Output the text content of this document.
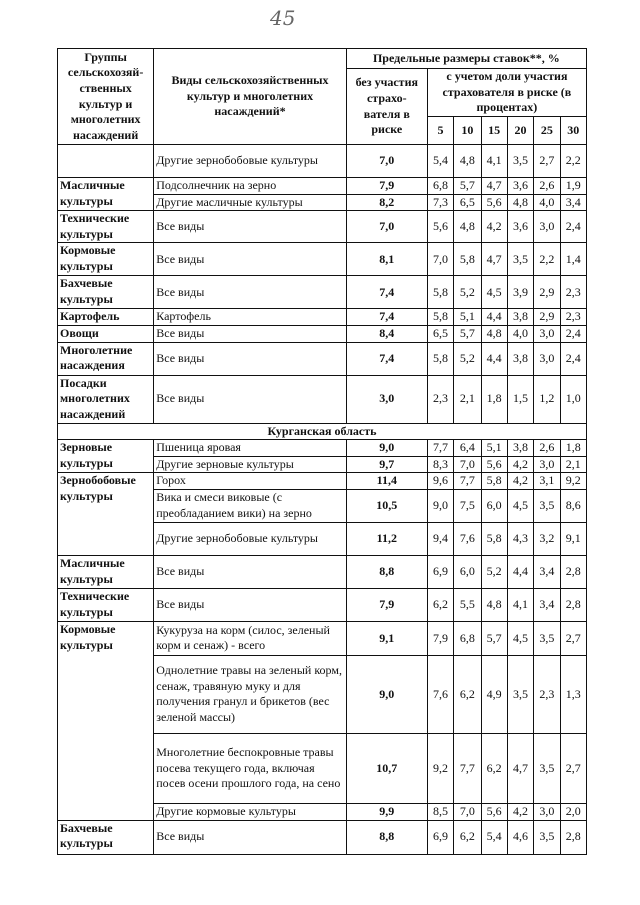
45
Группы сельскохозяй-ственных культур и многолетних насаждений	Виды сельскохозяйственных культур и многолетних насаждений*	Предельные размеры ставок**, %						
		без участия страхо-вателя в риске	с учетом доли участия страхователя в риске (в процентах)					
			5	10	15	20	25	30
	Другие зернобобовые культуры	7,0	5,4	4,8	4,1	3,5	2,7	2,2
Масличные культуры	Подсолнечник на зерно	7,9	6,8	5,7	4,7	3,6	2,6	1,9
	Другие масличные культуры	8,2	7,3	6,5	5,6	4,8	4,0	3,4
Технические культуры	Все виды	7,0	5,6	4,8	4,2	3,6	3,0	2,4
Кормовые культуры	Все виды	8,1	7,0	5,8	4,7	3,5	2,2	1,4
Бахчевые культуры	Все виды	7,4	5,8	5,2	4,5	3,9	2,9	2,3
Картофель	Картофель	7,4	5,8	5,1	4,4	3,8	2,9	2,3
Овощи	Все виды	8,4	6,5	5,7	4,8	4,0	3,0	2,4
Многолетние насаждения	Все виды	7,4	5,8	5,2	4,4	3,8	3,0	2,4
Посадки многолетних насаждений	Все виды	3,0	2,3	2,1	1,8	1,5	1,2	1,0
Курганская область								
Зерновые культуры	Пшеница яровая	9,0	7,7	6,4	5,1	3,8	2,6	1,8
	Другие зерновые культуры	9,7	8,3	7,0	5,6	4,2	3,0	2,1
Зернобобовые культуры	Горох	11,4	9,6	7,7	5,8	4,2	3,1	9,2
	Вика и смеси виковые (с преобладанием вики) на зерно	10,5	9,0	7,5	6,0	4,5	3,5	8,6
	Другие зернобобовые культуры	11,2	9,4	7,6	5,8	4,3	3,2	9,1
Масличные культуры	Все виды	8,8	6,9	6,0	5,2	4,4	3,4	2,8
Технические культуры	Все виды	7,9	6,2	5,5	4,8	4,1	3,4	2,8
Кормовые культуры	Кукуруза на корм (силос, зеленый корм и сенаж) - всего	9,1	7,9	6,8	5,7	4,5	3,5	2,7
	Однолетние травы на зеленый корм, сенаж, травяную муку и для получения гранул и брикетов (вес зеленой массы)	9,0	7,6	6,2	4,9	3,5	2,3	1,3
	Многолетние беспокровные травы посева текущего года, включая посев осени прошлого года, на сено	10,7	9,2	7,7	6,2	4,7	3,5	2,7
	Другие кормовые культуры	9,9	8,5	7,0	5,6	4,2	3,0	2,0
Бахчевые культуры	Все виды	8,8	6,9	6,2	5,4	4,6	3,5	2,8
